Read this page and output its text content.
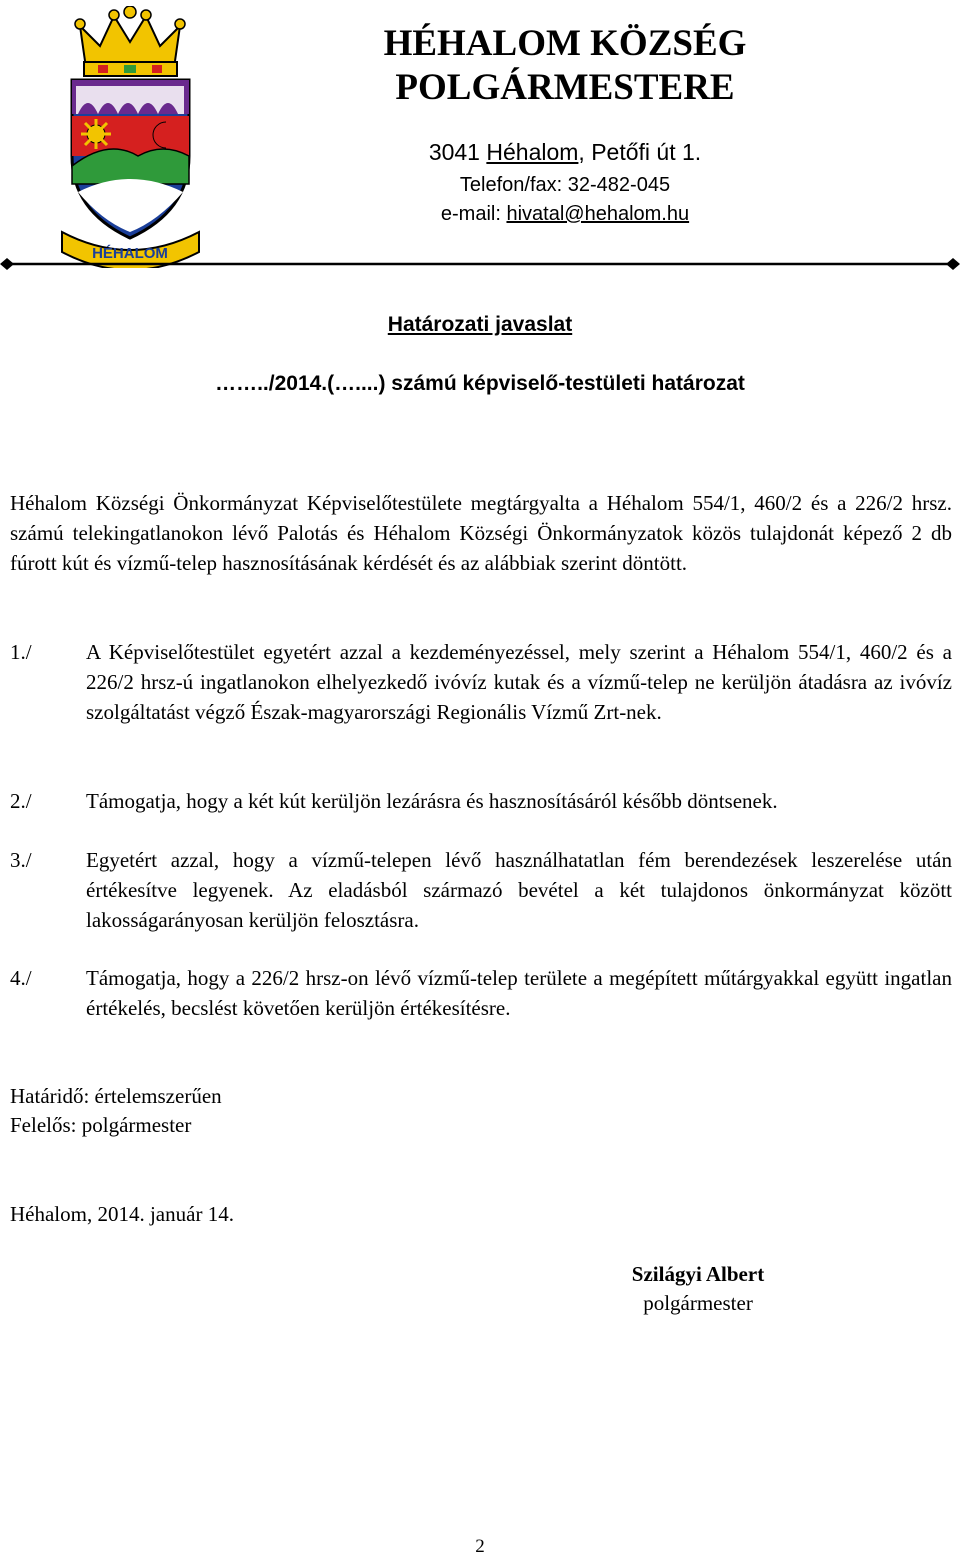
HÉHALOM
HÉHALOM KÖZSÉG
POLGÁRMESTERE
3041 Héhalom, Petőfi út 1.
Telefon/fax: 32-482-045
e-mail: hivatal@hehalom.hu
Határozati javaslat
……../2014.(…....) számú képviselő-testületi határozat

Héhalom Községi Önkormányzat Képviselőtestülete megtárgyalta a Héhalom 554/1, 460/2 és a 226/2 hrsz. számú telekingatlanokon lévő Palotás és Héhalom Községi Önkormányzatok közös tulajdonát képező 2 db fúrott kút és vízmű-telep hasznosításának kérdését és az alábbiak szerint döntött.

1./	A Képviselőtestület egyetért azzal a kezdeményezéssel, mely szerint a Héhalom 554/1, 460/2 és a 226/2 hrsz-ú ingatlanokon elhelyezkedő ivóvíz kutak és a vízmű-telep ne kerüljön átadásra az ivóvíz szolgáltatást végző Észak-magyarországi Regionális Vízmű Zrt-nek.
2./	Támogatja, hogy a két kút kerüljön lezárásra és hasznosításáról később döntsenek.
3./	Egyetért azzal, hogy a vízmű-telepen lévő használhatatlan fém berendezések leszerelése után értékesítve legyenek. Az eladásból származó bevétel a két tulajdonos önkormányzat között lakosságarányosan kerüljön felosztásra.
4./	Támogatja, hogy a 226/2 hrsz-on lévő vízmű-telep területe a megépített műtárgyakkal együtt ingatlan értékelés, becslést követően kerüljön értékesítésre.
Határidő: értelemszerűen
Felelős: polgármester
Héhalom, 2014. január 14.
Szilágyi Albert
polgármester
2
